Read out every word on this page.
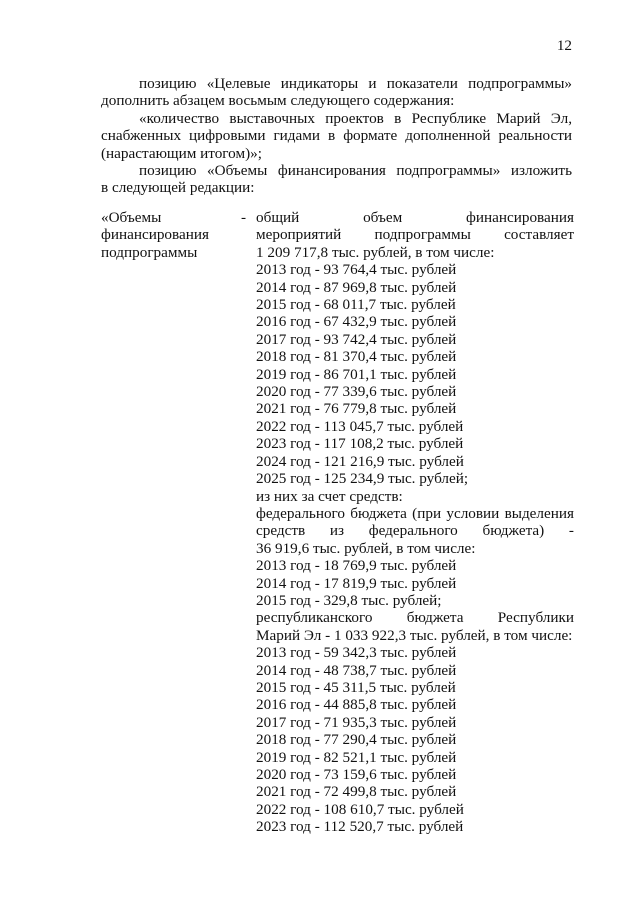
12
позицию «Целевые индикаторы и показатели подпрограммы»
дополнить абзацем восьмым следующего содержания:
«количество выставочных проектов в Республике Марий Эл,
снабженных цифровыми гидами в формате дополненной реальности
(нарастающим итогом)»;
позицию «Объемы финансирования подпрограммы» изложить
в следующей редакции:
«Объемы	-
финансирования
подпрограммы
общий объем финансирования
мероприятий подпрограммы составляет
1 209 717,8 тыс. рублей, в том числе:
2013 год - 93 764,4 тыс. рублей
2014 год - 87 969,8 тыс. рублей
2015 год - 68 011,7 тыс. рублей
2016 год - 67 432,9 тыс. рублей
2017 год - 93 742,4 тыс. рублей
2018 год - 81 370,4 тыс. рублей
2019 год - 86 701,1 тыс. рублей
2020 год - 77 339,6 тыс. рублей
2021 год - 76 779,8 тыс. рублей
2022 год - 113 045,7 тыс. рублей
2023 год - 117 108,2 тыс. рублей
2024 год - 121 216,9 тыс. рублей
2025 год - 125 234,9 тыс. рублей;
из них за счет средств:
федерального бюджета (при условии выделения
средств из федерального бюджета) -
36 919,6 тыс. рублей, в том числе:
2013 год - 18 769,9 тыс. рублей
2014 год - 17 819,9 тыс. рублей
2015 год - 329,8 тыс. рублей;
республиканского бюджета Республики
Марий Эл - 1 033 922,3 тыс. рублей, в том числе:
2013 год - 59 342,3 тыс. рублей
2014 год - 48 738,7 тыс. рублей
2015 год - 45 311,5 тыс. рублей
2016 год - 44 885,8 тыс. рублей
2017 год - 71 935,3 тыс. рублей
2018 год - 77 290,4 тыс. рублей
2019 год - 82 521,1 тыс. рублей
2020 год - 73 159,6 тыс. рублей
2021 год - 72 499,8 тыс. рублей
2022 год - 108 610,7 тыс. рублей
2023 год - 112 520,7 тыс. рублей
